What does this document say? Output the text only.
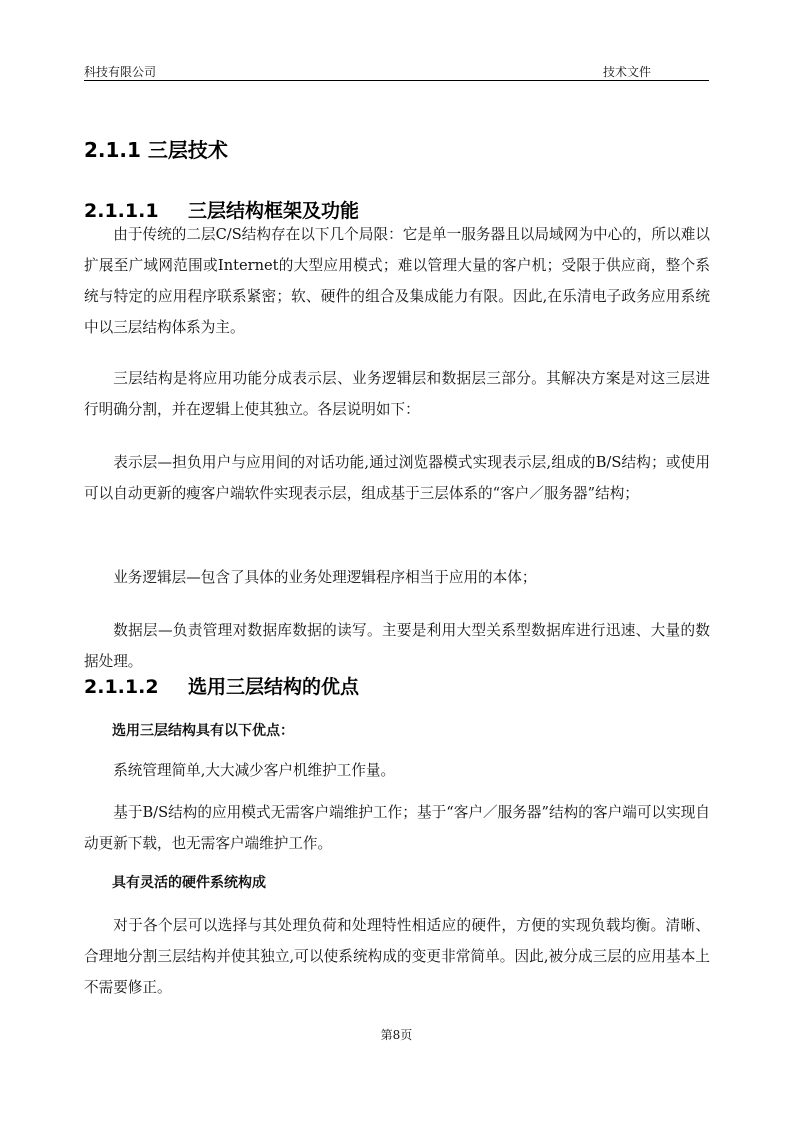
科技有限公司	技术文件
2.1.1 三层技术
2.1.1.1 三层结构框架及功能

由于传统的二层C/S结构存在以下几个局限：它是单一服务器且以局域网为中心的，所以难以扩展至广域网范围或Internet的大型应用模式；难以管理大量的客户机；受限于供应商，整个系统与特定的应用程序联系紧密；软、硬件的组合及集成能力有限。因此,在乐清电子政务应用系统中以三层结构体系为主。

三层结构是将应用功能分成表示层、业务逻辑层和数据层三部分。其解决方案是对这三层进行明确分割，并在逻辑上使其独立。各层说明如下：

表示层—担负用户与应用间的对话功能,通过浏览器模式实现表示层,组成的B/S结构；或使用可以自动更新的瘦客户端软件实现表示层，组成基于三层体系的“客户／服务器”结构；

业务逻辑层—包含了具体的业务处理逻辑程序相当于应用的本体；

数据层—负责管理对数据库数据的读写。主要是利用大型关系型数据库进行迅速、大量的数据处理。

2.1.1.2 选用三层结构的优点

选用三层结构具有以下优点：

系统管理简单,大大减少客户机维护工作量。

基于B/S结构的应用模式无需客户端维护工作；基于“客户／服务器”结构的客户端可以实现自动更新下载，也无需客户端维护工作。

具有灵活的硬件系统构成

对于各个层可以选择与其处理负荷和处理特性相适应的硬件，方便的实现负载均衡。清晰、合理地分割三层结构并使其独立,可以使系统构成的变更非常简单。因此,被分成三层的应用基本上不需要修正。

第8页
